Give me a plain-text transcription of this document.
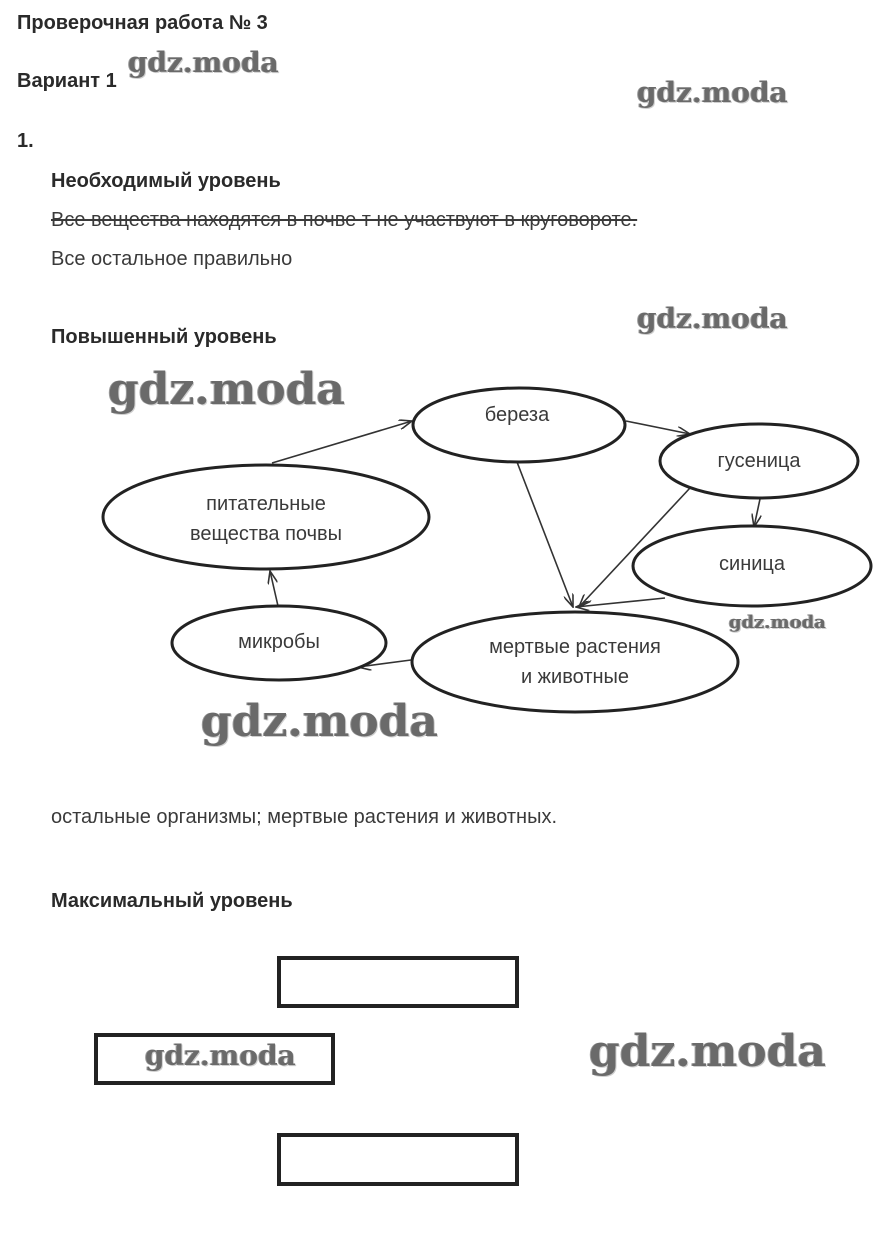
Проверочная работа № 3
Вариант 1
1.
Необходимый уровень
Все вещества находятся в почве т не участвуют в круговороте.
Все остальное правильно
Повышенный уровень
береза
гусеница
синица
питательные
вещества почвы
микробы	мертвые растения
и животные
остальные организмы; мертвые растения и животных.
Максимальный уровень
gdz.moda
gdz.moda
gdz.moda
gdz.moda
gdz.moda
gdz.moda
gdz.moda	gdz.moda
